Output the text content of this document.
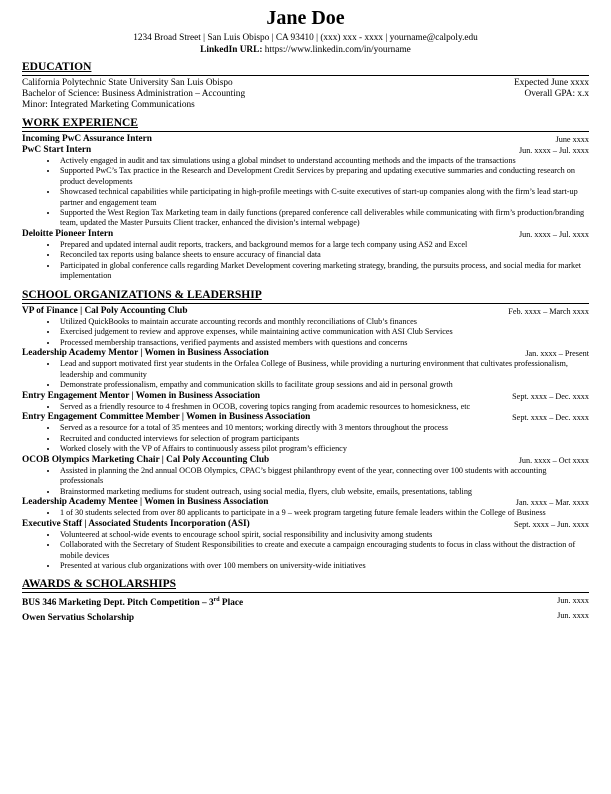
Jane Doe
1234 Broad Street | San Luis Obispo | CA 93410 | (xxx) xxx - xxxx | yourname@calpoly.edu
LinkedIn URL: https://www.linkedin.com/in/yourname
EDUCATION
California Polytechnic State University San Luis Obispo	Expected June xxxx
Bachelor of Science: Business Administration – Accounting	Overall GPA: x.x
Minor: Integrated Marketing Communications
WORK EXPERIENCE
Incoming PwC Assurance Intern	June xxxx
PwC Start Intern	Jun. xxxx – Jul. xxxx
• Actively engaged in audit and tax simulations using a global mindset to understand accounting methods and the impacts of the transactions
• Supported PwC’s Tax practice in the Research and Development Credit Services by preparing and updating executive summaries and conducting research on product developments
• Showcased technical capabilities while participating in high-profile meetings with C-suite executives of start-up companies along with the firm’s lead start-up partner and engagement team
• Supported the West Region Tax Marketing team in daily functions (prepared conference call deliverables while communicating with firm’s production/branding team, updated the Master Pursuits Client tracker, enhanced the division’s internal webpage)
Deloitte Pioneer Intern	Jun. xxxx – Jul. xxxx
• Prepared and updated internal audit reports, trackers, and background memos for a large tech company using AS2 and Excel
• Reconciled tax reports using balance sheets to ensure accuracy of financial data
• Participated in global conference calls regarding Market Development covering marketing strategy, branding, the pursuits process, and social media for market implementation
SCHOOL ORGANIZATIONS & LEADERSHIP
VP of Finance | Cal Poly Accounting Club	Feb. xxxx – March xxxx
• Utilized QuickBooks to maintain accurate accounting records and monthly reconciliations of Club’s finances
• Exercised judgement to review and approve expenses, while maintaining active communication with ASI Club Services
• Processed membership transactions, verified payments and assisted members with questions and concerns
Leadership Academy Mentor | Women in Business Association	Jan. xxxx – Present
• Lead and support motivated first year students in the Orfalea College of Business, while providing a nurturing environment that cultivates professionalism, leadership and community
• Demonstrate professionalism, empathy and communication skills to facilitate group sessions and aid in personal growth
Entry Engagement Mentor | Women in Business Association	Sept. xxxx – Dec. xxxx
• Served as a friendly resource to 4 freshmen in OCOB, covering topics ranging from academic resources to homesickness, etc
Entry Engagement Committee Member | Women in Business Association	Sept. xxxx – Dec. xxxx
• Served as a resource for a total of 35 mentees and 10 mentors; working directly with 3 mentors throughout the process
• Recruited and conducted interviews for selection of program participants
• Worked closely with the VP of Affairs to continuously assess pilot program’s efficiency
OCOB Olympics Marketing Chair | Cal Poly Accounting Club	Jun. xxxx – Oct xxxx
• Assisted in planning the 2nd annual OCOB Olympics, CPAC’s biggest philanthropy event of the year, connecting over 100 students with accounting professionals
• Brainstormed marketing mediums for student outreach, using social media, flyers, club website, emails, presentations, tabling
Leadership Academy Mentee | Women in Business Association	Jan. xxxx – Mar. xxxx
• 1 of 30 students selected from over 80 applicants to participate in a 9 – week program targeting future female leaders within the College of Business
Executive Staff | Associated Students Incorporation (ASI)	Sept. xxxx – Jun. xxxx
• Volunteered at school-wide events to encourage school spirit, social responsibility and inclusivity among students
• Collaborated with the Secretary of Student Responsibilities to create and execute a campaign encouraging students to focus in class without the distraction of mobile devices
• Presented at various club organizations with over 100 members on university-wide initiatives
AWARDS & SCHOLARSHIPS
BUS 346 Marketing Dept. Pitch Competition – 3rd Place	Jun. xxxx
Owen Servatius Scholarship	Jun. xxxx
